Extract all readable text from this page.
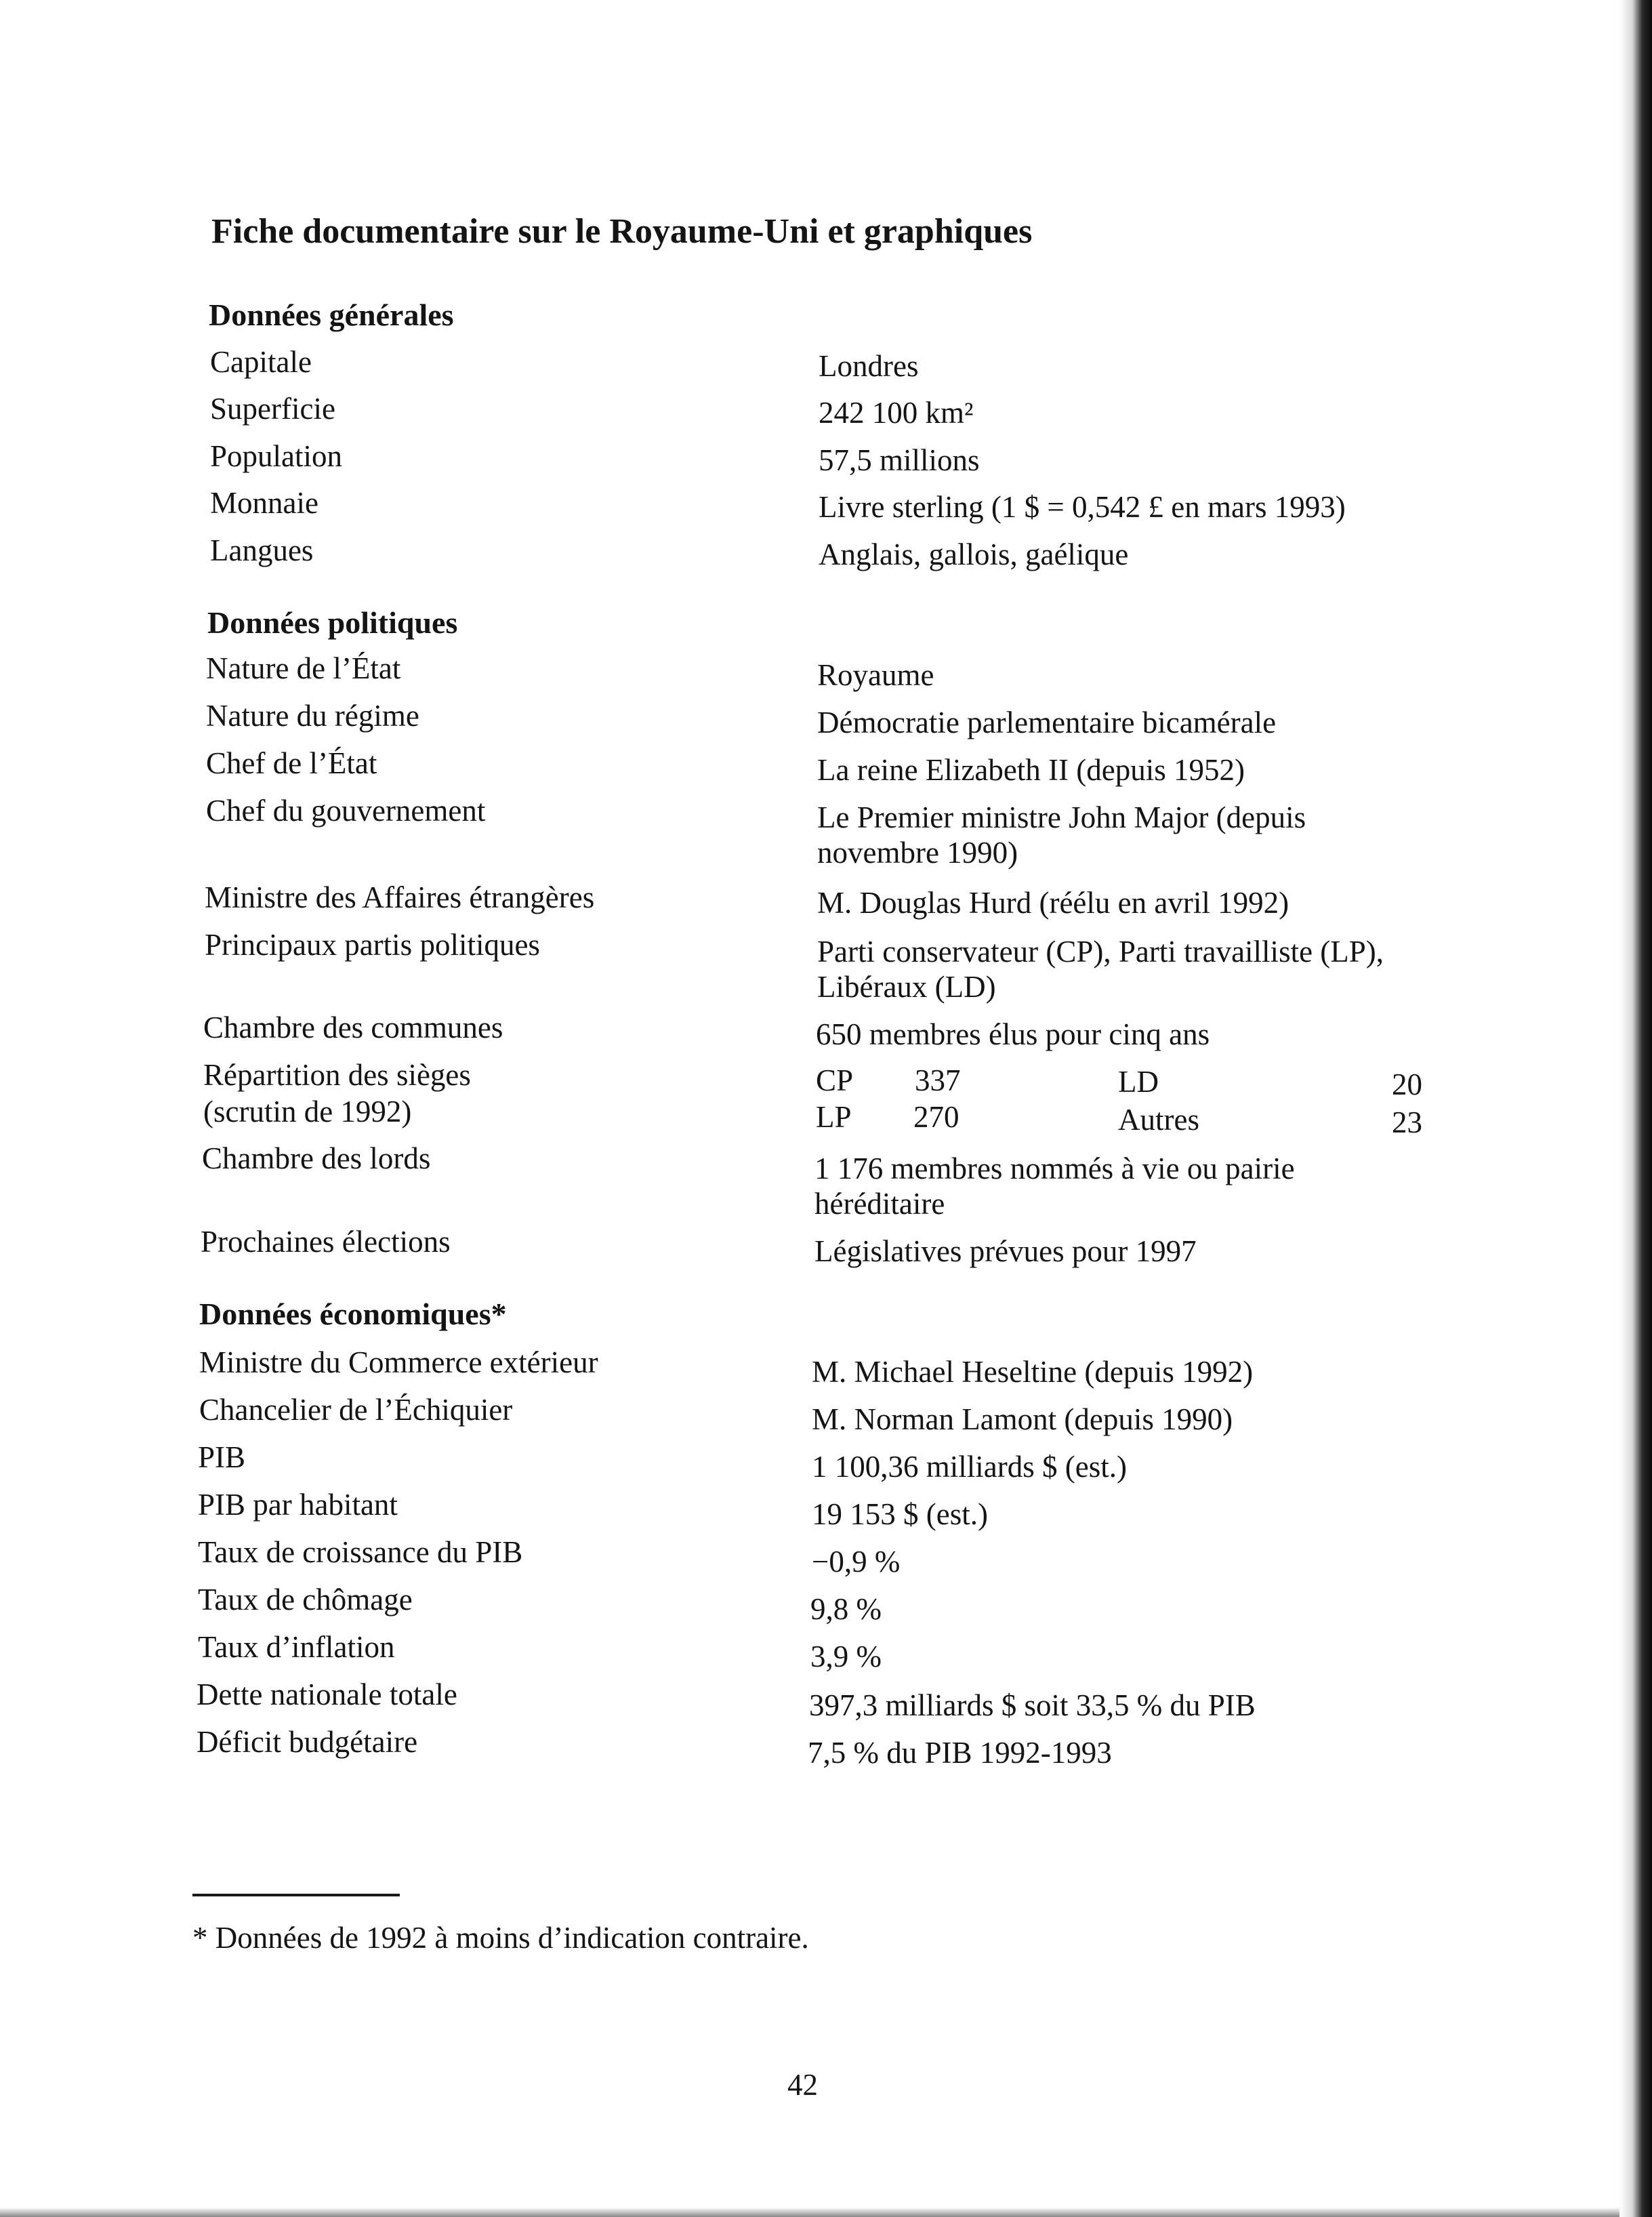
Fiche documentaire sur le Royaume-Uni et graphiques
Données générales
Capitale	Londres
Superficie	242 100 km²
Population	57,5 millions
Monnaie	Livre sterling (1 $ = 0,542 £ en mars 1993)
Langues	Anglais, gallois, gaélique
Données politiques
Nature de l’État	Royaume
Nature du régime	Démocratie parlementaire bicamérale
Chef de l’État	La reine Elizabeth II (depuis 1952)
Chef du gouvernement	Le Premier ministre John Major (depuis
novembre 1990)
Ministre des Affaires étrangères	M. Douglas Hurd (réélu en avril 1992)
Principaux partis politiques	Parti conservateur (CP), Parti travailliste (LP),
Libéraux (LD)
Chambre des communes	650 membres élus pour cinq ans
Répartition des sièges
(scrutin de 1992)
CP 337	LD	20
LP 270	Autres	23
Chambre des lords	1 176 membres nommés à vie ou pairie
héréditaire
Prochaines élections	Législatives prévues pour 1997
Données économiques*
Ministre du Commerce extérieur	M. Michael Heseltine (depuis 1992)
Chancelier de l’Échiquier	M. Norman Lamont (depuis 1990)
PIB	1 100,36 milliards $ (est.)
PIB par habitant	19 153 $ (est.)
Taux de croissance du PIB	−0,9 %
Taux de chômage	9,8 %
Taux d’inflation	3,9 %
Dette nationale totale	397,3 milliards $ soit 33,5 % du PIB
Déficit budgétaire	7,5 % du PIB 1992-1993
* Données de 1992 à moins d’indication contraire.
42
